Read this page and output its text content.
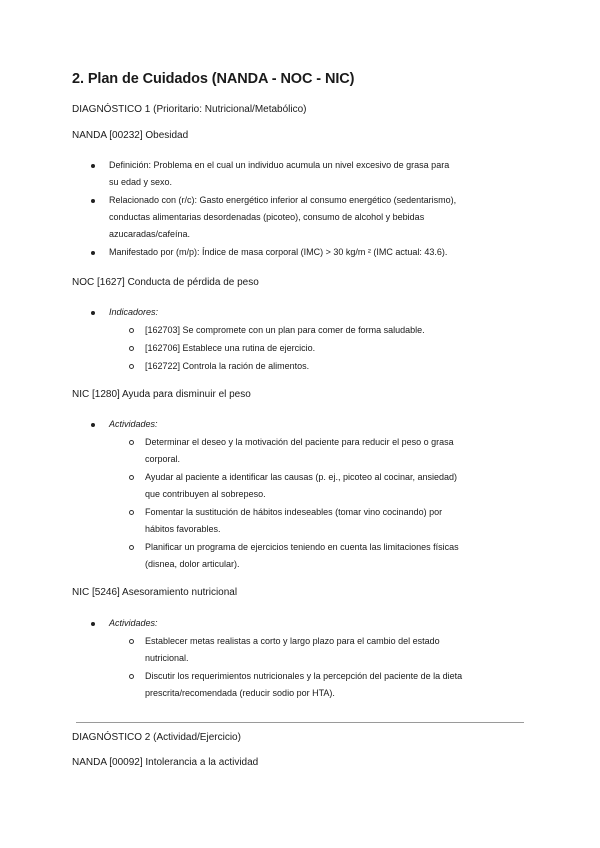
2. Plan de Cuidados (NANDA - NOC - NIC)

DIAGNÓSTICO 1 (Prioritario: Nutricional/Metabólico)

NANDA [00232] Obesidad

Definición: Problema en el cual un individuo acumula un nivel excesivo de grasa para
su edad y sexo.
Relacionado con (r/c): Gasto energético inferior al consumo energético (sedentarismo),
conductas alimentarias desordenadas (picoteo), consumo de alcohol y bebidas
azucaradas/cafeína.
Manifestado por (m/p): Índice de masa corporal (IMC) > 30 kg/m ² (IMC actual: 43.6).

NOC [1627] Conducta de pérdida de peso

Indicadores:
[162703] Se compromete con un plan para comer de forma saludable.
[162706] Establece una rutina de ejercicio.
[162722] Controla la ración de alimentos.

NIC [1280] Ayuda para disminuir el peso

Actividades:
Determinar el deseo y la motivación del paciente para reducir el peso o grasa
corporal.
Ayudar al paciente a identificar las causas (p. ej., picoteo al cocinar, ansiedad)
que contribuyen al sobrepeso.
Fomentar la sustitución de hábitos indeseables (tomar vino cocinando) por
hábitos favorables.
Planificar un programa de ejercicios teniendo en cuenta las limitaciones físicas
(disnea, dolor articular).

NIC [5246] Asesoramiento nutricional

Actividades:
Establecer metas realistas a corto y largo plazo para el cambio del estado
nutricional.
Discutir los requerimientos nutricionales y la percepción del paciente de la dieta
prescrita/recomendada (reducir sodio por HTA).

DIAGNÓSTICO 2 (Actividad/Ejercicio)

NANDA [00092] Intolerancia a la actividad
